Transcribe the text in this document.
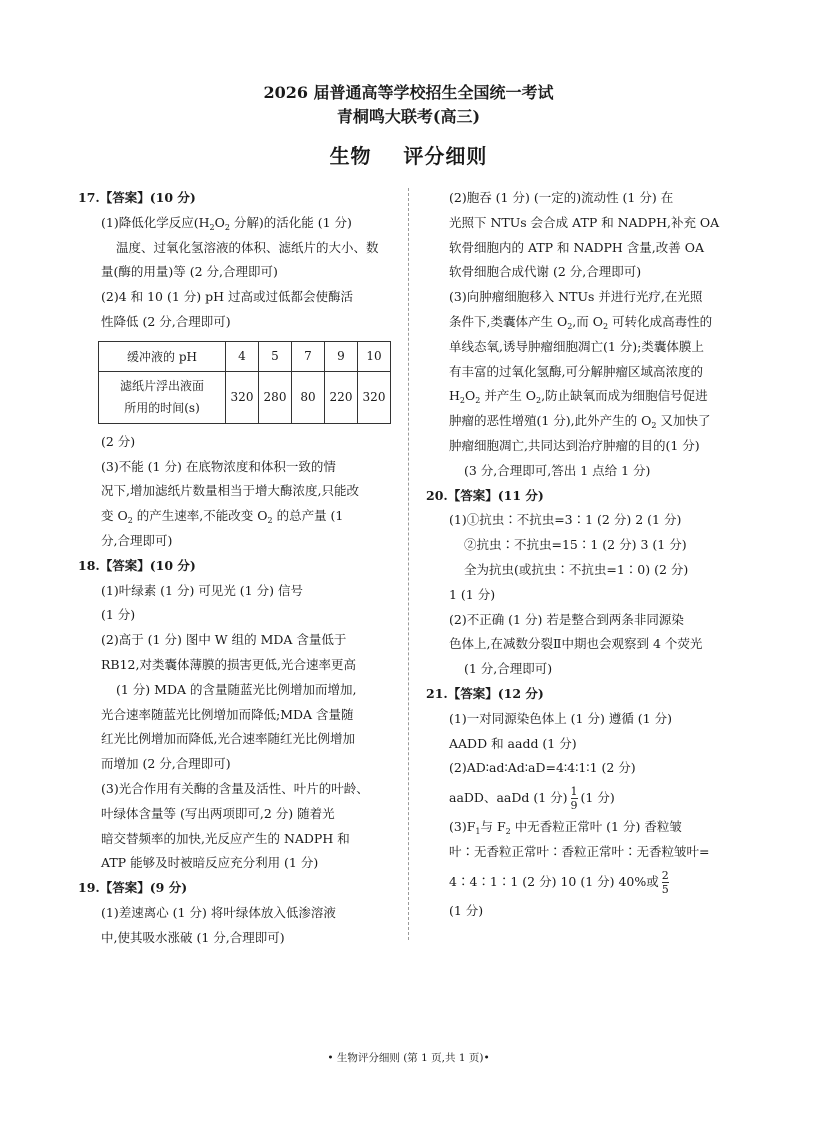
2026 届普通高等学校招生全国统一考试
青桐鸣大联考(高三)
生物    评分细则
17.【答案】(10 分)
(1)降低化学反应($H_2O_2$ 分解)的活化能 (1 分)
温度、过氧化氢溶液的体积、滤纸片的大小、数
量(酶的用量)等 (2 分,合理即可)
(2)4 和 10 (1 分) pH 过高或过低都会使酶活
性降低 (2 分,合理即可)
缓冲液的 pH	4	5	7	9	10
滤纸片浮出液面
所用的时间(s)	320	280	80	220	320
(2 分)
(3)不能 (1 分) 在底物浓度和体积一致的情
况下,增加滤纸片数量相当于增大酶浓度,只能改
变 $O_2$ 的产生速率,不能改变 $O_2$ 的总产量 (1
分,合理即可)
18.【答案】(10 分)
(1)叶绿素 (1 分) 可见光 (1 分) 信号
(1 分)
(2)高于 (1 分) 图中 W 组的 MDA 含量低于
RB12,对类囊体薄膜的损害更低,光合速率更高
(1 分) MDA 的含量随蓝光比例增加而增加,
光合速率随蓝光比例增加而降低;MDA 含量随
红光比例增加而降低,光合速率随红光比例增加
而增加 (2 分,合理即可)
(3)光合作用有关酶的含量及活性、叶片的叶龄、
叶绿体含量等 (写出两项即可,2 分) 随着光
暗交替频率的加快,光反应产生的 NADPH 和
ATP 能够及时被暗反应充分利用 (1 分)
19.【答案】(9 分)
(1)差速离心 (1 分) 将叶绿体放入低渗溶液
中,使其吸水涨破 (1 分,合理即可)
(2)胞吞 (1 分) (一定的)流动性 (1 分) 在
光照下 NTUs 会合成 ATP 和 NADPH,补充 OA
软骨细胞内的 ATP 和 NADPH 含量,改善 OA
软骨细胞合成代谢 (2 分,合理即可)
(3)向肿瘤细胞移入 NTUs 并进行光疗,在光照
条件下,类囊体产生 $O_2$,而 $O_2$ 可转化成高毒性的
单线态氧,诱导肿瘤细胞凋亡(1 分);类囊体膜上
有丰富的过氧化氢酶,可分解肿瘤区域高浓度的
$H_2O_2$ 并产生 $O_2$,防止缺氧而成为细胞信号促进
肿瘤的恶性增殖(1 分),此外产生的 $O_2$ 又加快了
肿瘤细胞凋亡,共同达到治疗肿瘤的目的(1 分)
(3 分,合理即可,答出 1 点给 1 分)
20.【答案】(11 分)
(1)①抗虫∶不抗虫=3∶1 (2 分) 2 (1 分)
②抗虫∶不抗虫=15∶1 (2 分) 3 (1 分)
全为抗虫(或抗虫∶不抗虫=1∶0) (2 分)
1 (1 分)
(2)不正确 (1 分) 若是整合到两条非同源染
色体上,在减数分裂Ⅱ中期也会观察到 4 个荧光
(1 分,合理即可)
21.【答案】(12 分)
(1)一对同源染色体上 (1 分) 遵循 (1 分)
AADD 和 aadd (1 分)
(2)AD∶ad∶Ad∶aD=4∶4∶1∶1 (2 分)
aaDD、aaDd (1 分) $\frac{1}{9} (1$ 分)
$(3)F_1$与 $F_2$ 中无香粒正常叶 (1 分) 香粒皱
叶∶无香粒正常叶∶香粒正常叶∶无香粒皱叶=
4∶4∶1∶1 (2 分) 10 (1 分) 40%或 $\frac{2}{5}$
(1 分)
• 生物评分细则 (第 1 页,共 1 页)•
